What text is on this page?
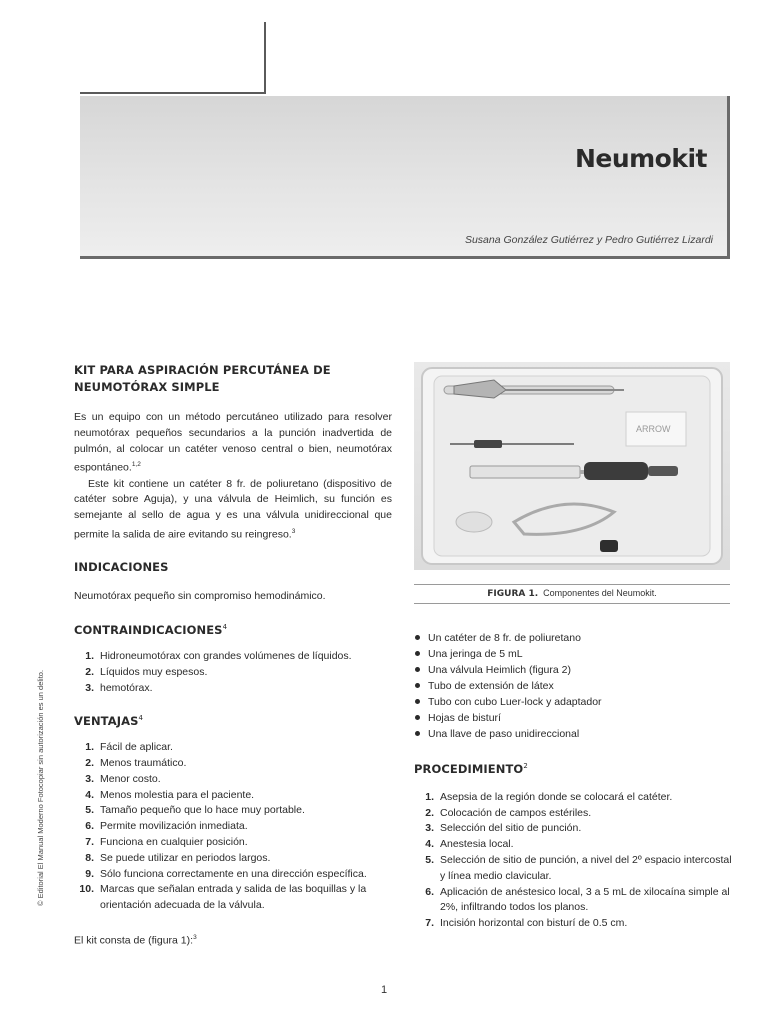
Neumokit
Susana González Gutiérrez y Pedro Gutiérrez Lizardi
© Editorial El Manual Moderno Fotocopiar sin autorización es un delito.
KIT PARA ASPIRACIÓN PERCUTÁNEA DE NEUMOTÓRAX SIMPLE

Es un equipo con un método percutáneo utilizado para resolver neumotórax pequeños secundarios a la punción inadvertida de pulmón, al colocar un catéter venoso central o bien, neumotórax espontáneo.$^{1,2}$

Este kit contiene un catéter 8 fr. de poliuretano (dispositivo de catéter sobre Aguja), y una válvula de Heimlich, su función es semejante al sello de agua y es una válvula unidireccional que permite la salida de aire evitando su reingreso.$^3$

INDICACIONES

Neumotórax pequeño sin compromiso hemodinámico.

CONTRAINDICACIONES$^4$
1. Hidroneumotórax con grandes volúmenes de líquidos.
2. Líquidos muy espesos.
3. hemotórax.
VENTAJAS$^4$
1. Fácil de aplicar.
2. Menos traumático.
3. Menor costo.
4. Menos molestia para el paciente.
5. Tamaño pequeño que lo hace muy portable.
6. Permite movilización inmediata.
7. Funciona en cualquier posición.
8. Se puede utilizar en periodos largos.
9. Sólo funciona correctamente en una dirección específica.
10. Marcas que señalan entrada y salida de las boquillas y la orientación adecuada de la válvula.

El kit consta de (figura 1):$^3$

ARROW
FIGURA 1. Componentes del Neumokit.
Un catéter de 8 fr. de poliuretano
Una jeringa de 5 mL
Una válvula Heimlich (figura 2)
Tubo de extensión de látex
Tubo con cubo Luer-lock y adaptador
Hojas de bisturí
Una llave de paso unidireccional
PROCEDIMIENTO$^2$
1. Asepsia de la región donde se colocará el catéter.
2. Colocación de campos estériles.
3. Selección del sitio de punción.
4. Anestesia local.
5. Selección de sitio de punción, a nivel del 2º espacio intercostal y línea medio clavicular.
6. Aplicación de anéstesico local, 3 a 5 mL de xilocaína simple al 2%, infiltrando todos los planos.
7. Incisión horizontal con bisturí de 0.5 cm.
1
